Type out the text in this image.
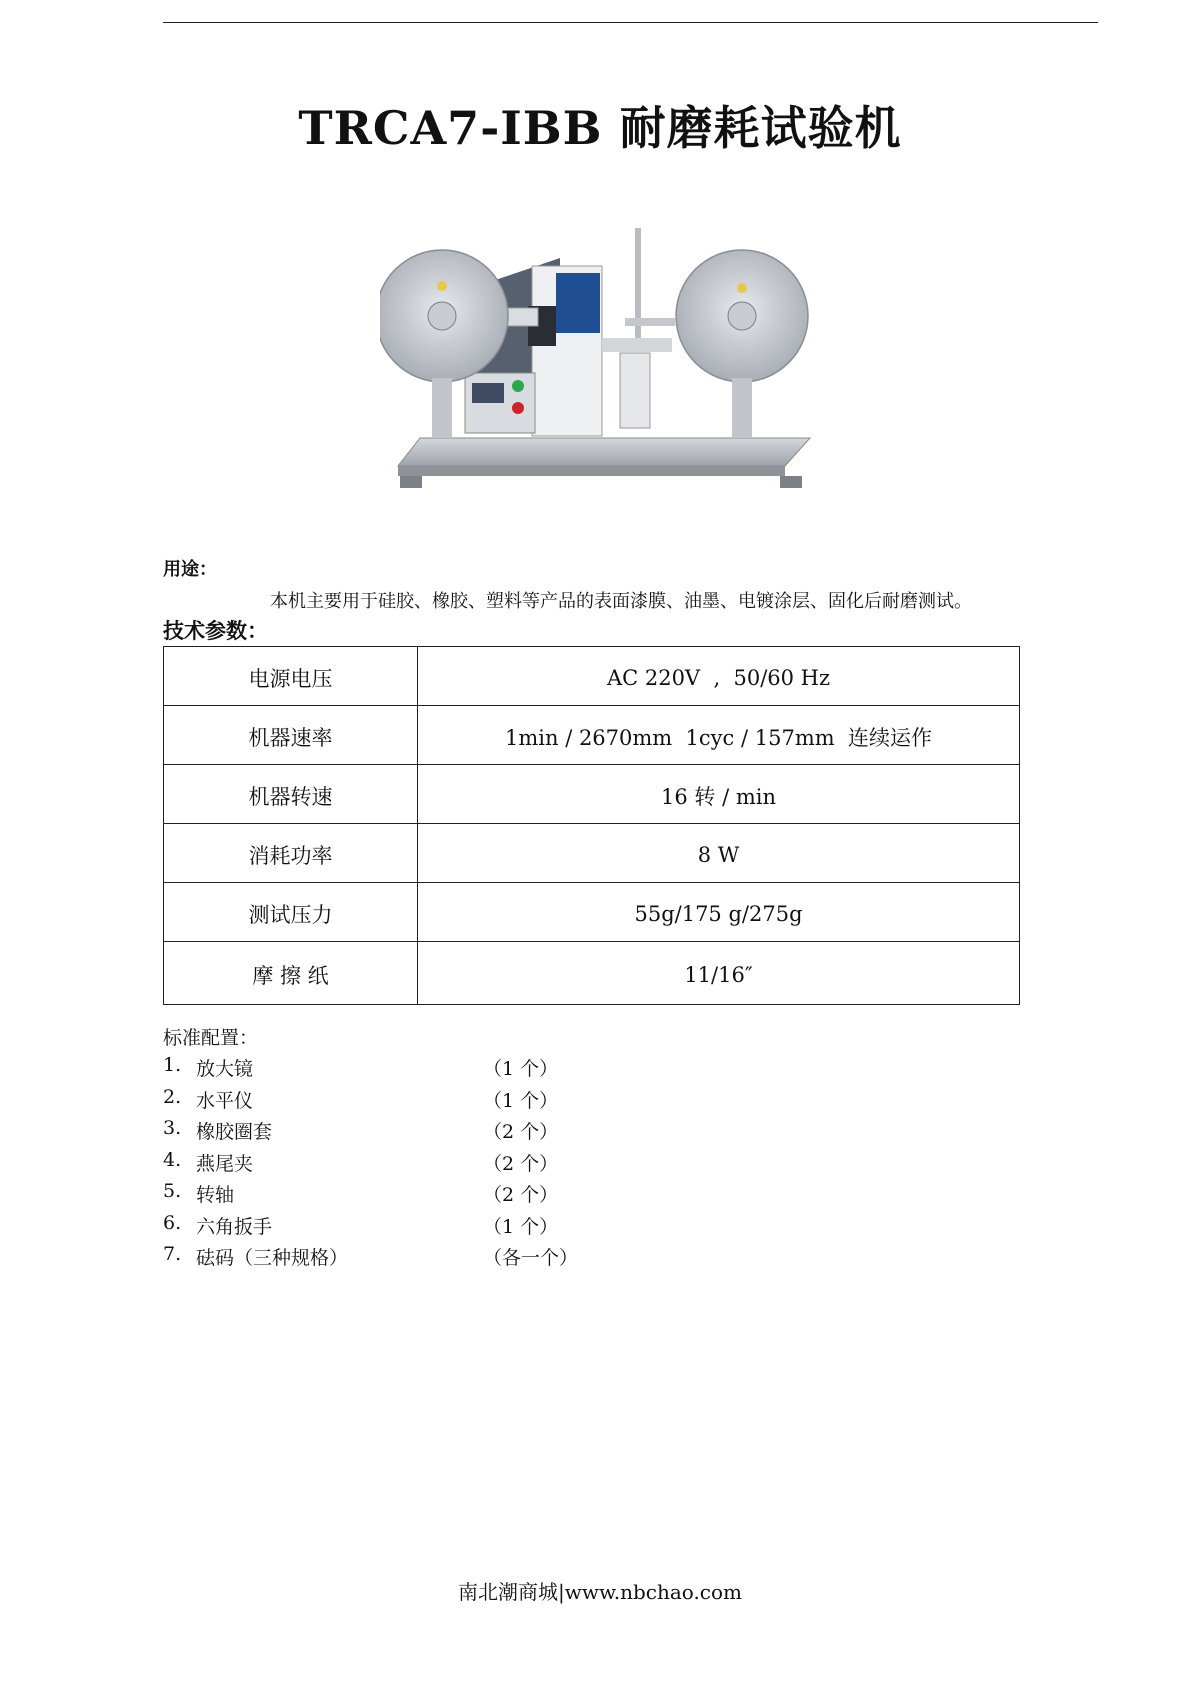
TRCA7-IBB 耐磨耗试验机
用途：
本机主要用于硅胶、橡胶、塑料等产品的表面漆膜、油墨、电镀涂层、固化后耐磨测试。
技术参数：
电源电压	AC 220V  ,  50/60 Hz
机器速率	1min / 2670mm  1cyc / 157mm  连续运作
机器转速	16 转 / min
消耗功率	8 W
测试压力	55g/175 g/275g
摩 擦 纸	11/16″
标准配置：
1. 放大镜	（1 个）
2. 水平仪	（1 个）
3. 橡胶圈套	（2 个）
4. 燕尾夹	（2 个）
5. 转轴	（2 个）
6. 六角扳手	（1 个）
7. 砝码（三种规格）	（各一个）
南北潮商城|www.nbchao.com
